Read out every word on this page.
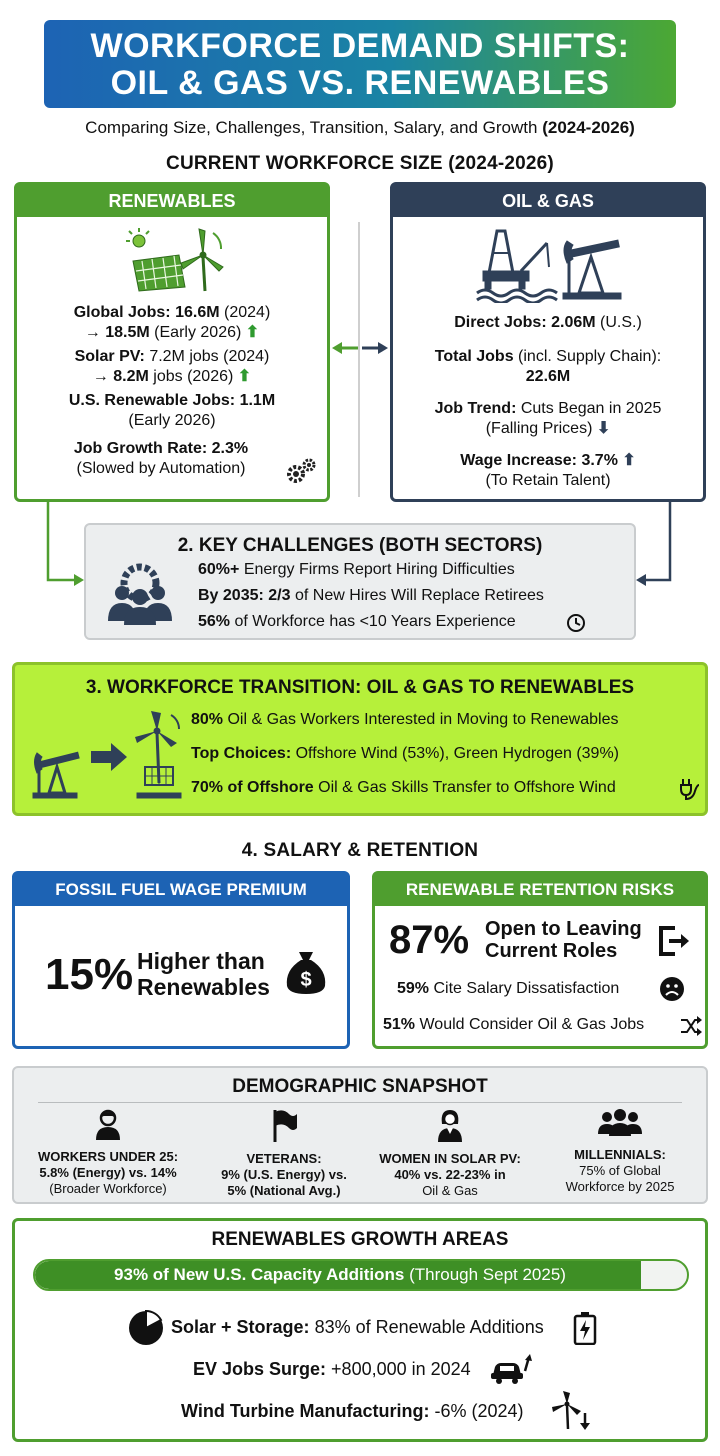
WORKFORCE DEMAND SHIFTS:
OIL & GAS VS. RENEWABLES
Comparing Size, Challenges, Transition, Salary, and Growth (2024-2026)
CURRENT WORKFORCE SIZE (2024-2026)
RENEWABLES
Global Jobs: 16.6M (2024)
→ 18.5M (Early 2026) ⬆
Solar PV: 7.2M jobs (2024)
→ 8.2M jobs (2026) ⬆
U.S. Renewable Jobs: 1.1M
(Early 2026)
Job Growth Rate: 2.3%
(Slowed by Automation)
OIL & GAS
Direct Jobs: 2.06M (U.S.)
Total Jobs (incl. Supply Chain):
22.6M
Job Trend: Cuts Began in 2025
(Falling Prices) ⬇
Wage Increase: 3.7% ⬆
(To Retain Talent)
2. KEY CHALLENGES (BOTH SECTORS)
60%+ Energy Firms Report Hiring Difficulties
By 2035: 2/3 of New Hires Will Replace Retirees
56% of Workforce has <10 Years Experience
3. WORKFORCE TRANSITION: OIL & GAS TO RENEWABLES
80% Oil & Gas Workers Interested in Moving to Renewables
Top Choices: Offshore Wind (53%), Green Hydrogen (39%)
70% of Offshore Oil & Gas Skills Transfer to Offshore Wind
4. SALARY & RETENTION
FOSSIL FUEL WAGE PREMIUM
15% Higher than
Renewables $
RENEWABLE RETENTION RISKS
87% Open to Leaving
Current Roles
59% Cite Salary Dissatisfaction
51% Would Consider Oil & Gas Jobs
DEMOGRAPHIC SNAPSHOT
WORKERS UNDER 25:
5.8% (Energy) vs. 14%
(Broader Workforce)
VETERANS:
9% (U.S. Energy) vs.
5% (National Avg.)
WOMEN IN SOLAR PV:
40% vs. 22-23% in
Oil & Gas
MILLENNIALS:
75% of Global
Workforce by 2025
RENEWABLES GROWTH AREAS
93% of New U.S. Capacity Additions (Through Sept 2025)
Solar + Storage: 83% of Renewable Additions
EV Jobs Surge: +800,000 in 2024
Wind Turbine Manufacturing: -6% (2024)
